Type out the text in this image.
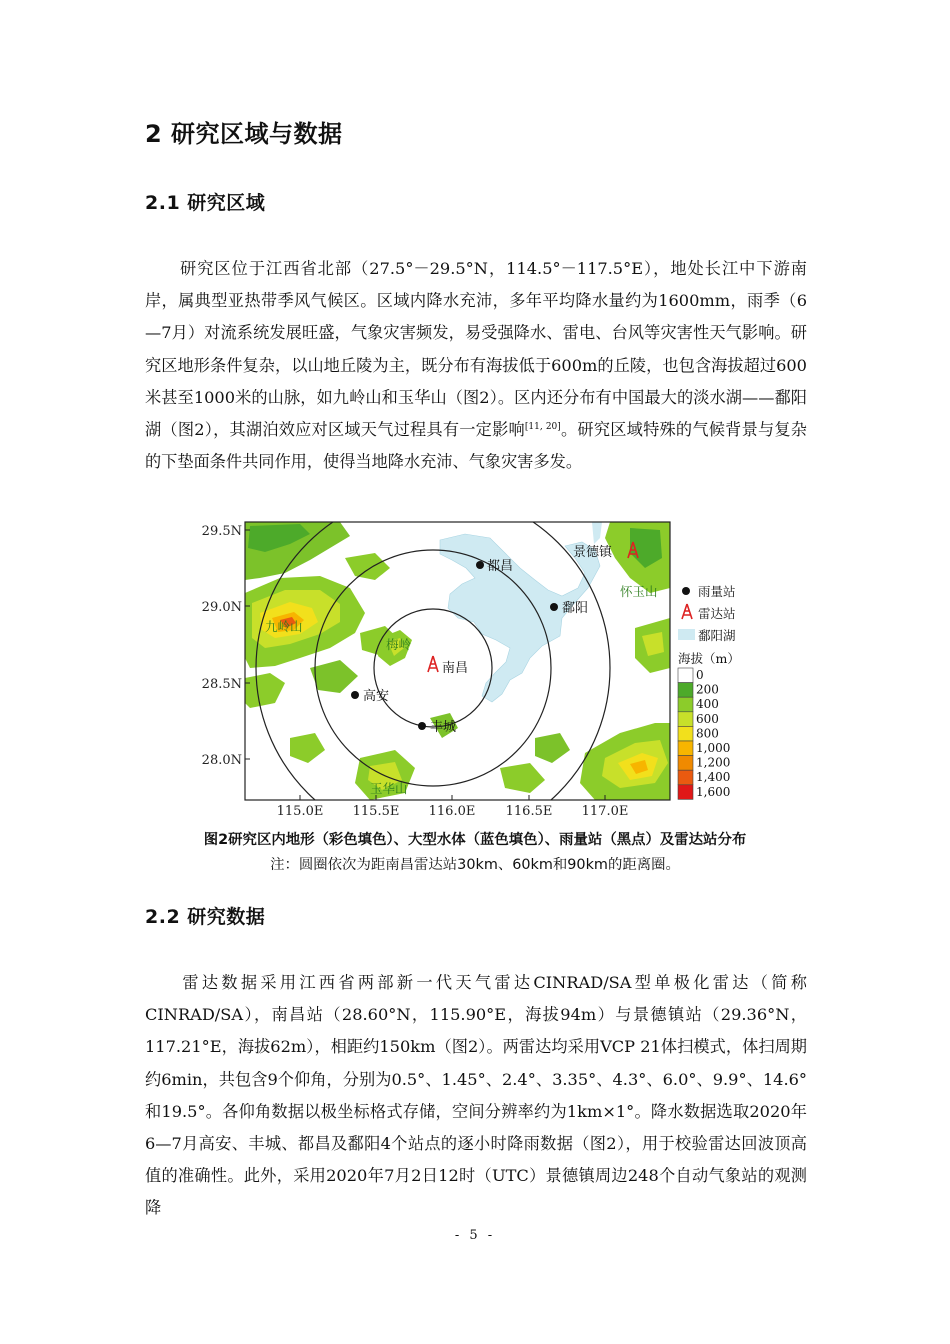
2 研究区域与数据
2.1 研究区域

研究区位于江西省北部（27.5°－29.5°N，114.5°－117.5°E），地处长江中下游南岸，属典型亚热带季风气候区。区域内降水充沛，多年平均降水量约为1600mm，雨季（6—7月）对流系统发展旺盛，气象灾害频发，易受强降水、雷电、台风等灾害性天气影响。研究区地形条件复杂，以山地丘陵为主，既分布有海拔低于600m的丘陵，也包含海拔超过600米甚至1000米的山脉，如九岭山和玉华山（图2）。区内还分布有中国最大的淡水湖——鄱阳湖（图2），其湖泊效应对区域天气过程具有一定影响[11, 20]。研究区域特殊的气候背景与复杂的下垫面条件共同作用，使得当地降水充沛、气象灾害多发。

29.5N
29.0N
28.5N
28.0N
115.0E 115.5E 116.0E 116.5E 117.0E
九岭山
梅岭
怀玉山
玉华山
都昌
鄱阳
高安
丰城
南昌
景德镇
雨量站
雷达站
鄱阳湖
海拔（m）
0
200
400
600
800
1,000
1,200
1,400
1,600
图2研究区内地形（彩色填色）、大型水体（蓝色填色）、雨量站（黑点）及雷达站分布
注：圆圈依次为距南昌雷达站30km、60km和90km的距离圈。
2.2 研究数据

雷达数据采用江西省两部新一代天气雷达CINRAD/SA型单极化雷达（简称CINRAD/SA），南昌站（28.60°N，115.90°E，海拔94m）与景德镇站（29.36°N，117.21°E，海拔62m），相距约150km（图2）。两雷达均采用VCP 21体扫模式，体扫周期约6min，共包含9个仰角，分别为0.5°、1.45°、2.4°、3.35°、4.3°、6.0°、9.9°、14.6°和19.5°。各仰角数据以极坐标格式存储，空间分辨率约为1km×1°。降水数据选取2020年6—7月高安、丰城、都昌及鄱阳4个站点的逐小时降雨数据（图2），用于校验雷达回波顶高值的准确性。此外，采用2020年7月2日12时（UTC）景德镇周边248个自动气象站的观测降

- 5 -
